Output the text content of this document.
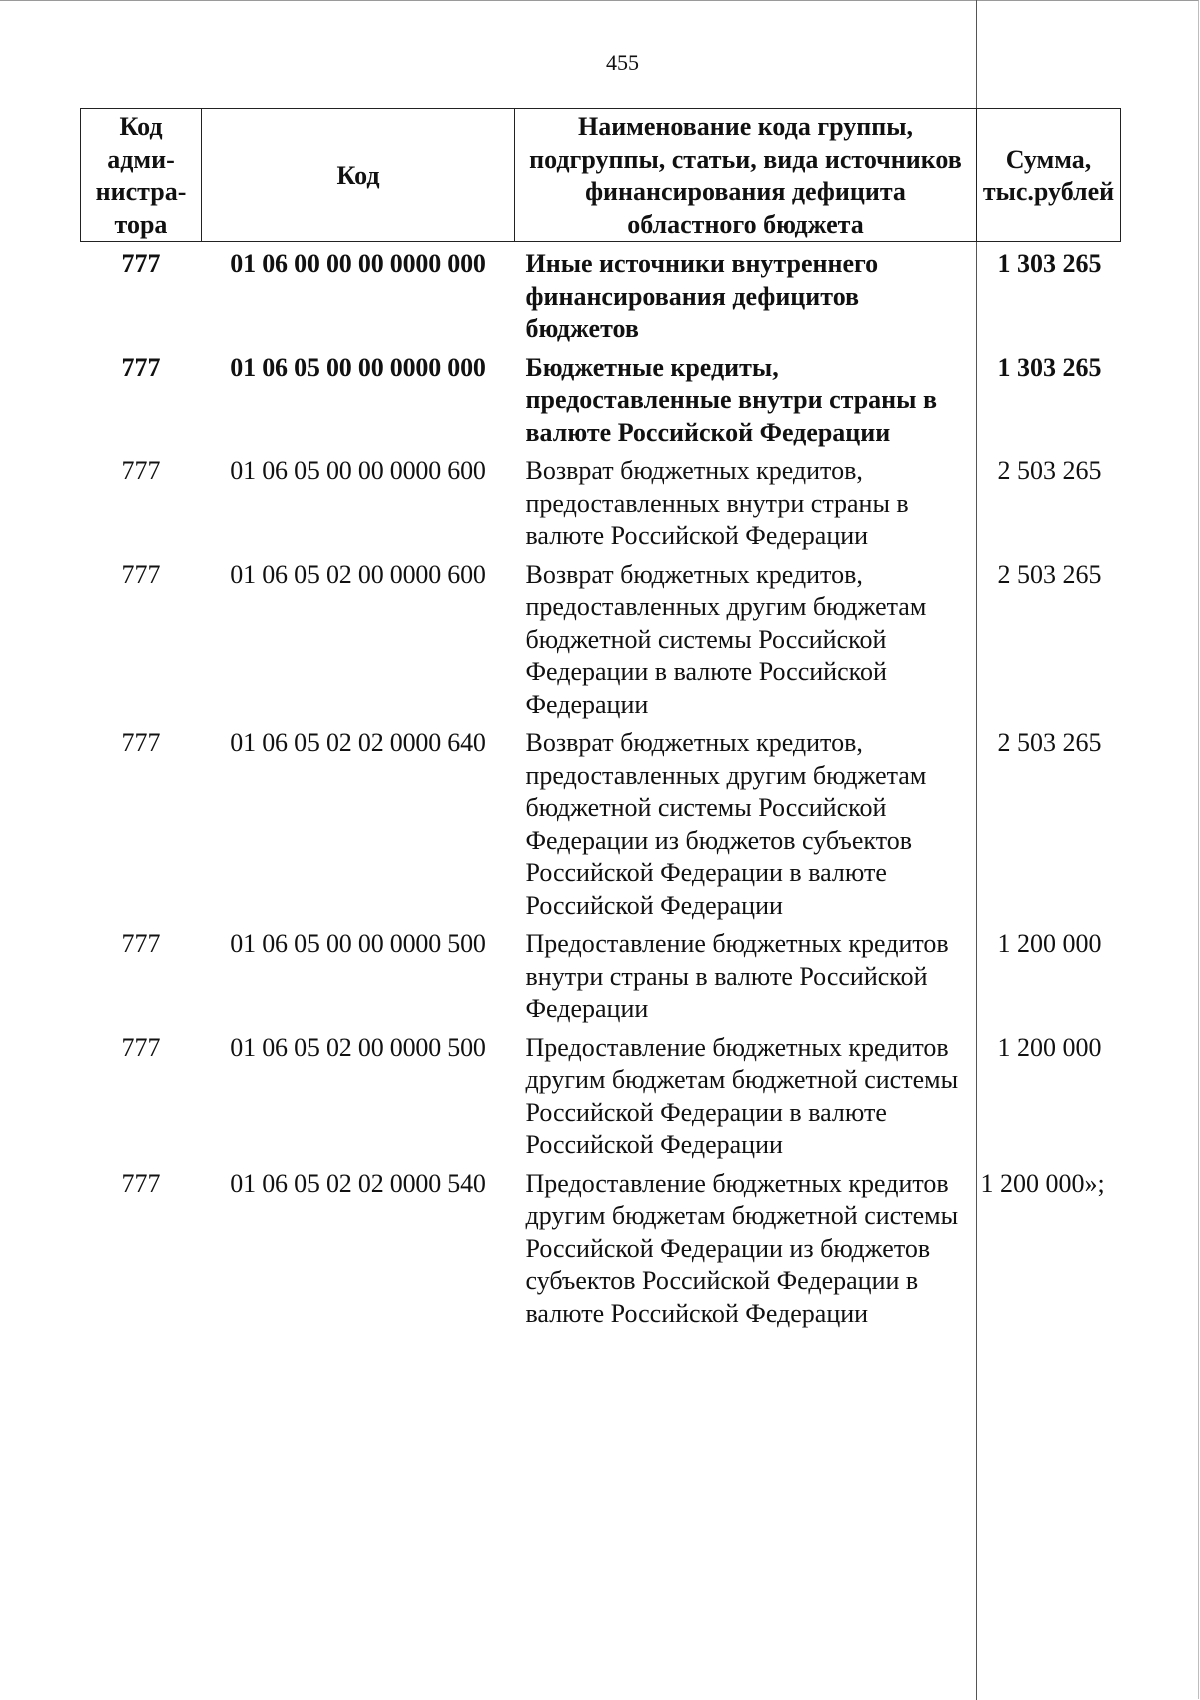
455
Код адми-нистра-тора	Код	Наименование кода группы, подгруппы, статьи, вида источников финансирования дефицита областного бюджета	Сумма, тыс.рублей
777	01 06 00 00 00 0000 000	Иные источники внутреннего финансирования дефицитов бюджетов	1 303 265
777	01 06 05 00 00 0000 000	Бюджетные кредиты, предоставленные внутри страны в валюте Российской Федерации	1 303 265
777	01 06 05 00 00 0000 600	Возврат бюджетных кредитов, предоставленных внутри страны в валюте Российской Федерации	2 503 265
777	01 06 05 02 00 0000 600	Возврат бюджетных кредитов, предоставленных другим бюджетам бюджетной системы Российской Федерации в валюте Российской Федерации	2 503 265
777	01 06 05 02 02 0000 640	Возврат бюджетных кредитов, предоставленных другим бюджетам бюджетной системы Российской Федерации из бюджетов субъектов Российской Федерации в валюте Российской Федерации	2 503 265
777	01 06 05 00 00 0000 500	Предоставление бюджетных кредитов внутри страны в валюте Российской Федерации	1 200 000
777	01 06 05 02 00 0000 500	Предоставление бюджетных кредитов другим бюджетам бюджетной системы Российской Федерации в валюте Российской Федерации	1 200 000
777	01 06 05 02 02 0000 540	Предоставление бюджетных кредитов другим бюджетам бюджетной системы Российской Федерации из бюджетов субъектов Российской Федерации в валюте Российской Федерации	1 200 000»;
